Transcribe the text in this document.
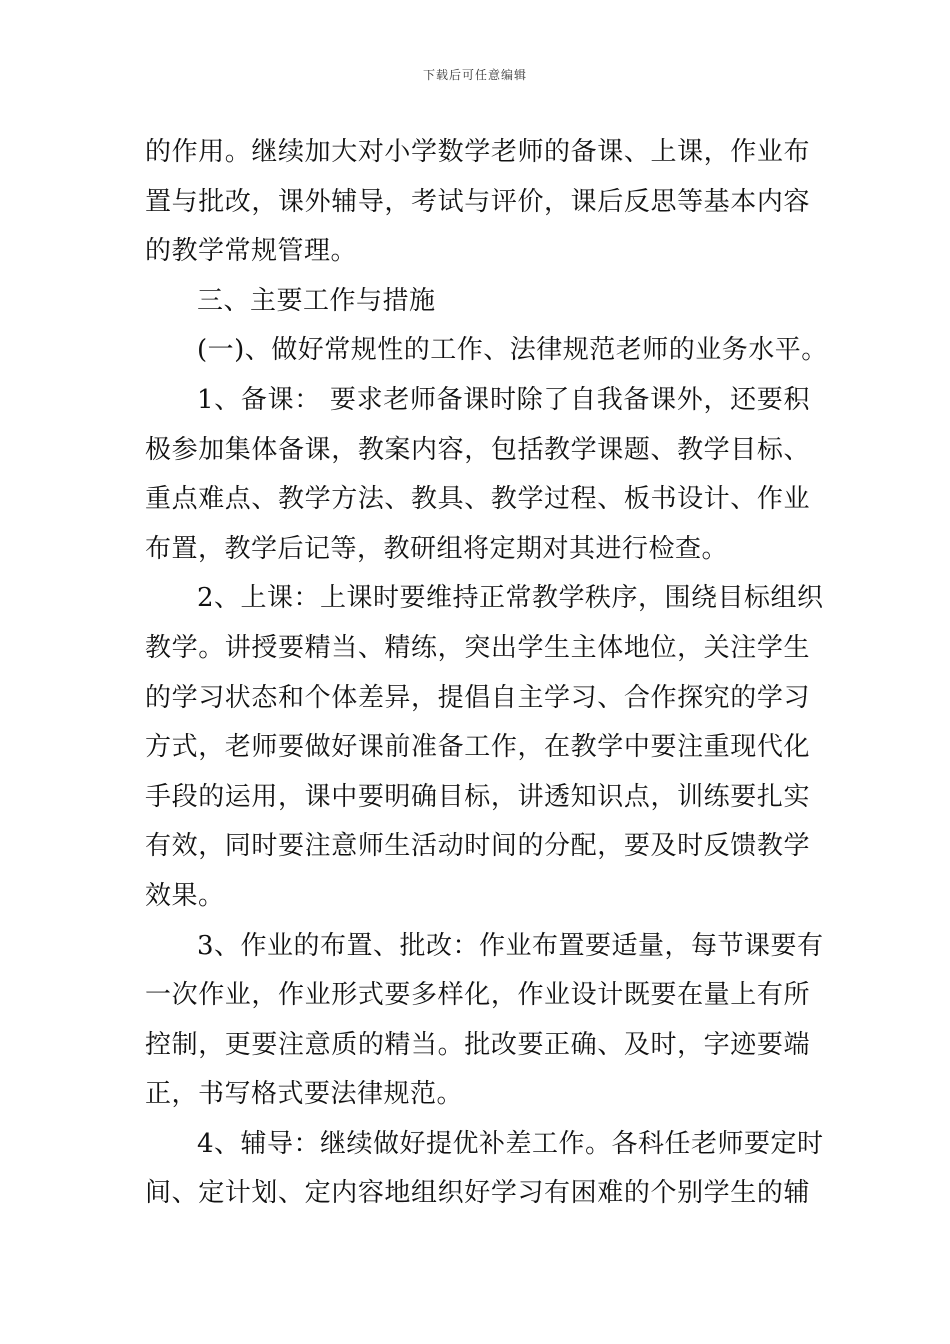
下载后可任意编辑
的作用。继续加大对小学数学老师的备课、上课，作业布
置与批改，课外辅导，考试与评价，课后反思等基本内容
的教学常规管理。
三、主要工作与措施
(一)、做好常规性的工作、法律规范老师的业务水平。
1、备课： 要求老师备课时除了自我备课外，还要积
极参加集体备课，教案内容，包括教学课题、教学目标、
重点难点、教学方法、教具、教学过程、板书设计、作业
布置，教学后记等，教研组将定期对其进行检查。
2、上课：上课时要维持正常教学秩序，围绕目标组织
教学。讲授要精当、精练，突出学生主体地位，关注学生
的学习状态和个体差异，提倡自主学习、合作探究的学习
方式，老师要做好课前准备工作，在教学中要注重现代化
手段的运用，课中要明确目标，讲透知识点，训练要扎实
有效，同时要注意师生活动时间的分配，要及时反馈教学
效果。
3、作业的布置、批改：作业布置要适量，每节课要有
一次作业，作业形式要多样化，作业设计既要在量上有所
控制，更要注意质的精当。批改要正确、及时，字迹要端
正，书写格式要法律规范。
4、辅导：继续做好提优补差工作。各科任老师要定时
间、定计划、定内容地组织好学习有困难的个别学生的辅
